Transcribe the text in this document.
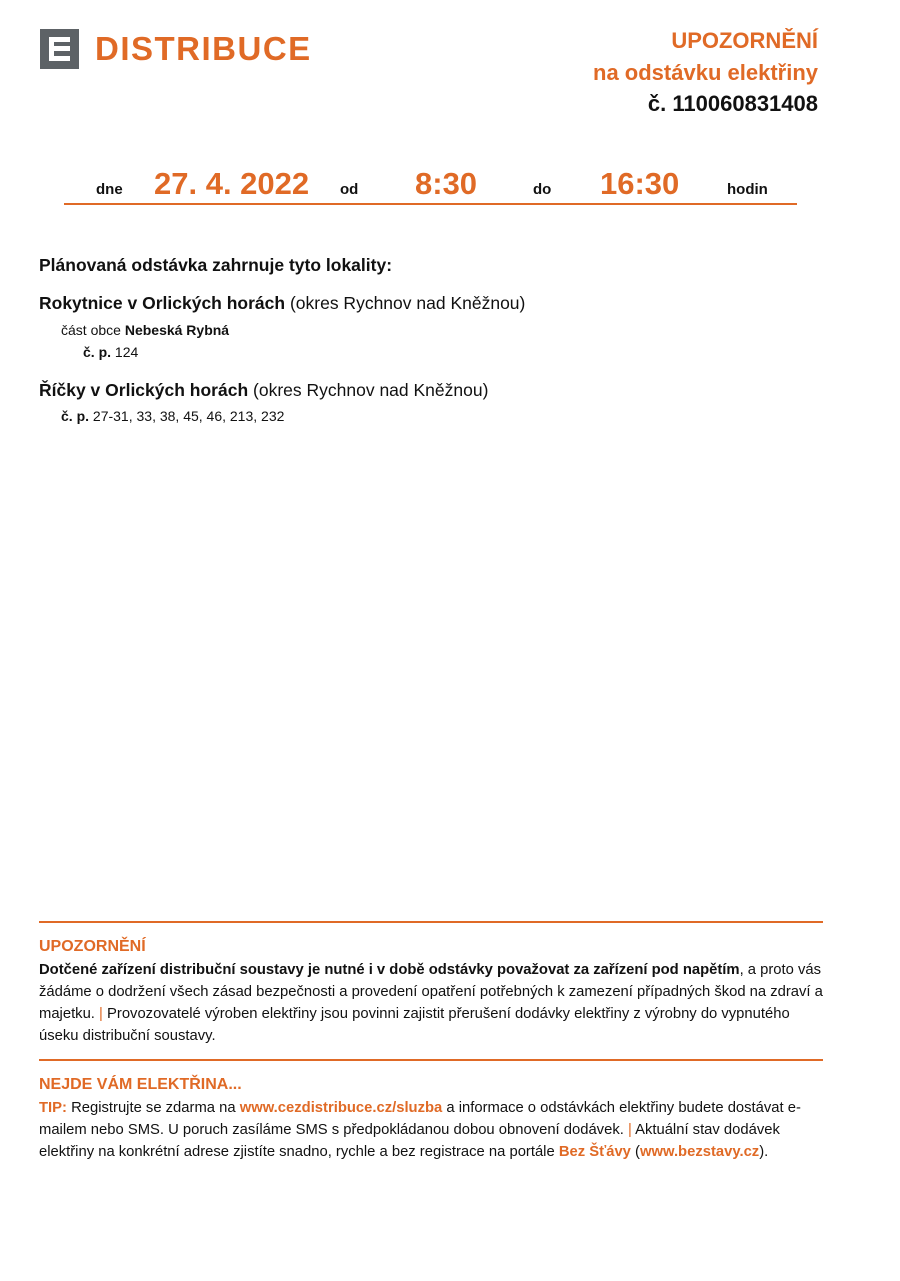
DISTRIBUCE	UPOZORNĚNÍ
na odstávku elektřiny
č. 110060831408
dne 27. 4. 2022 od 8:30	do 16:30	hodin
Plánovaná odstávka zahrnuje tyto lokality:
Rokytnice v Orlických horách (okres Rychnov nad Kněžnou)
část obce Nebeská Rybná
č. p. 124
Říčky v Orlických horách (okres Rychnov nad Kněžnou)
č. p. 27-31, 33, 38, 45, 46, 213, 232
UPOZORNĚNÍ
Dotčené zařízení distribuční soustavy je nutné i v době odstávky považovat za zařízení pod napětím, a proto vás žádáme o dodržení všech zásad bezpečnosti a provedení opatření potřebných k zamezení případných škod na zdraví a majetku. | Provozovatelé výroben elektřiny jsou povinni zajistit přerušení dodávky elektřiny z výrobny do vypnutého úseku distribuční soustavy.
NEJDE VÁM ELEKTŘINA...
TIP: Registrujte se zdarma na www.cezdistribuce.cz/sluzba a informace o odstávkách elektřiny budete dostávat e-mailem nebo SMS. U poruch zasíláme SMS s předpokládanou dobou obnovení dodávek. | Aktuální stav dodávek elektřiny na konkrétní adrese zjistíte snadno, rychle a bez registrace na portále Bez Šťávy (www.bezstavy.cz).
